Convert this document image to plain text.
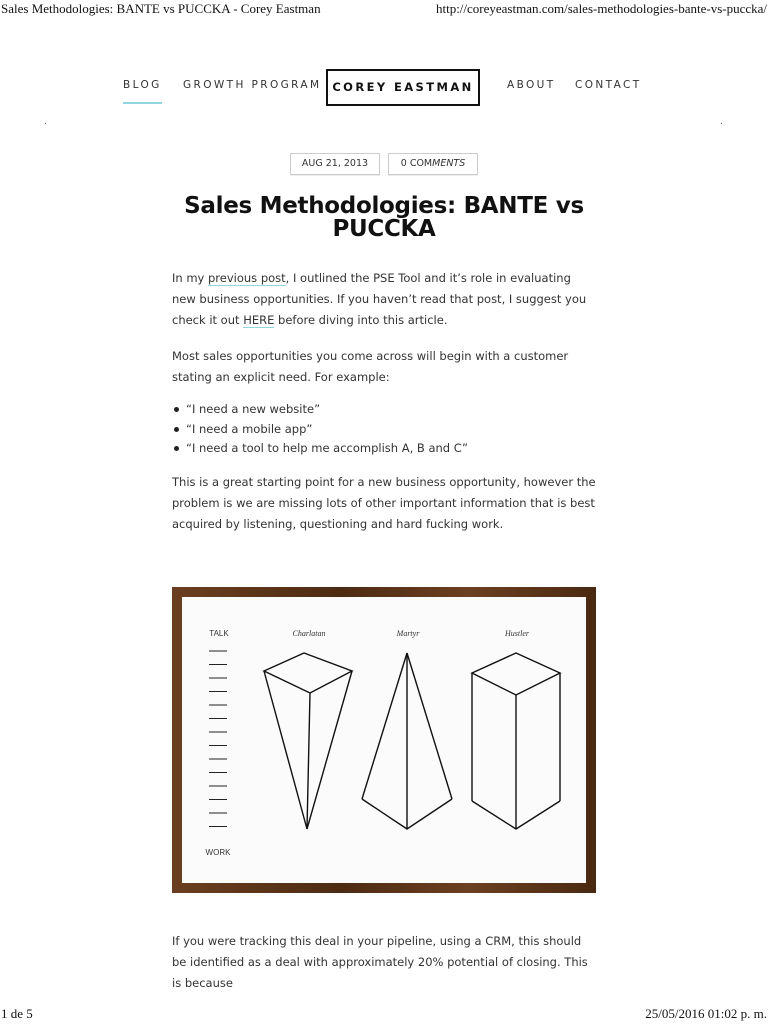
Sales Methodologies: BANTE vs PUCCKA - Corey Eastman	http://coreyeastman.com/sales-methodologies-bante-vs-puccka/
BLOG GROWTH PROGRAM COREY EASTMAN	ABOUT CONTACT
.	.
AUG 21, 2013	0 COMMENTS
Sales Methodologies: BANTE vs PUCCKA

In my previous post, I outlined the PSE Tool and it’s role in evaluating new business opportunities. If you haven’t read that post, I suggest you check it out HERE before diving into this article.

Most sales opportunities you come across will begin with a customer stating an explicit need. For example:

“I need a new website”
“I need a mobile app”
“I need a tool to help me accomplish A, B and C”

This is a great starting point for a new business opportunity, however the problem is we are missing lots of other important information that is best acquired by listening, questioning and hard fucking work.

TALK
WORK
Charlatan	Martyr	Hustler

If you were tracking this deal in your pipeline, using a CRM, this should be identified as a deal with approximately 20% potential of closing. This is because

1 de 5	25/05/2016 01:02 p. m.
